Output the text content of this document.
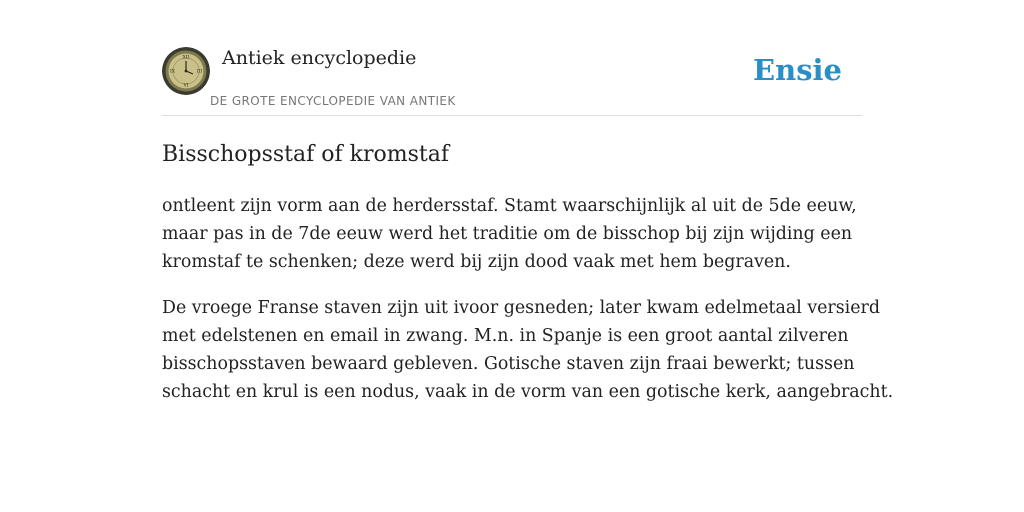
XII
III
VI
IX
Antiek encyclopedie
DE GROTE ENCYCLOPEDIE VAN ANTIEK
Ensie
Bisschopsstaf of kromstaf

ontleent zijn vorm aan de herdersstaf. Stamt waarschijnlijk al uit de 5de eeuw,
maar pas in de 7de eeuw werd het traditie om de bisschop bij zijn wijding een
kromstaf te schenken; deze werd bij zijn dood vaak met hem begraven.

De vroege Franse staven zijn uit ivoor gesneden; later kwam edelmetaal versierd
met edelstenen en email in zwang. M.n. in Spanje is een groot aantal zilveren
bisschopsstaven bewaard gebleven. Gotische staven zijn fraai bewerkt; tussen
schacht en krul is een nodus, vaak in de vorm van een gotische kerk, aangebracht.
